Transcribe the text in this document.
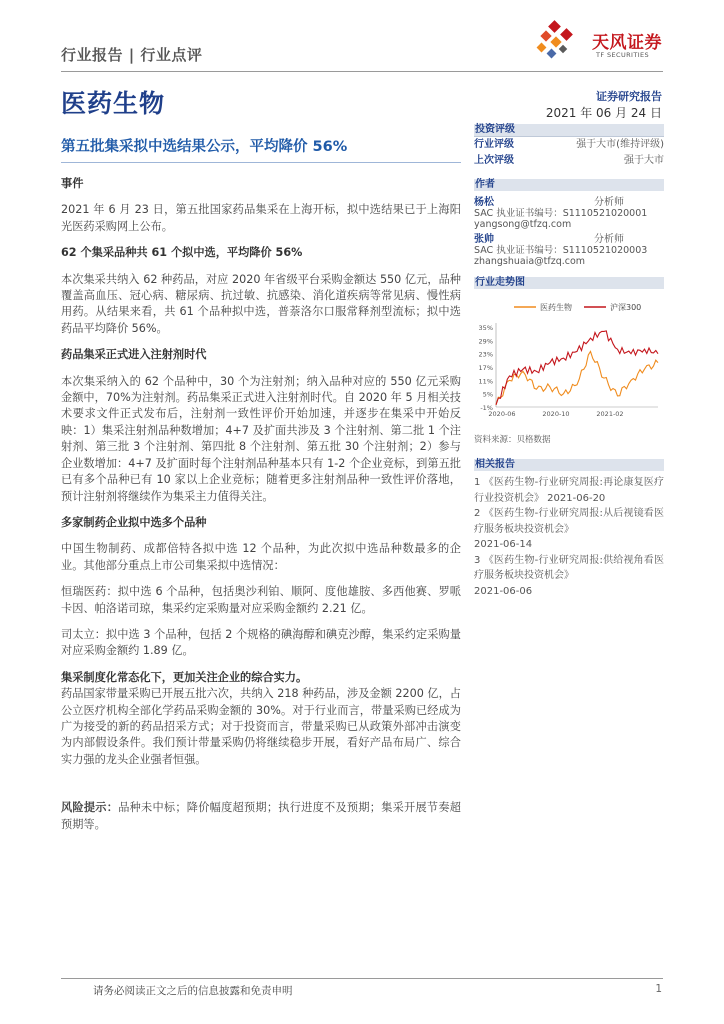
行业报告 | 行业点评
天风证券
TF SECURITIES
医药生物	证券研究报告
2021 年 06 月 24 日
第五批集采拟中选结果公示，平均降价 56%
事件

2021 年 6 月 23 日，第五批国家药品集采在上海开标，拟中选结果已于上海阳光医药采购网上公布。

62 个集采品种共 61 个拟中选，平均降价 56%

本次集采共纳入 62 种药品，对应 2020 年省级平台采购金额达 550 亿元，品种覆盖高血压、冠心病、糖尿病、抗过敏、抗感染、消化道疾病等常见病、慢性病用药。从结果来看，共 61 个品种拟中选，普萘洛尔口服常释剂型流标；拟中选药品平均降价 56%。

药品集采正式进入注射剂时代

本次集采纳入的 62 个品种中，30 个为注射剂；纳入品种对应的 550 亿元采购金额中，70%为注射剂。药品集采正式进入注射剂时代。自 2020 年 5 月相关技术要求文件正式发布后，注射剂一致性评价开始加速，并逐步在集采中开始反映：1）集采注射剂品种数增加；4+7 及扩面共涉及 3 个注射剂、第二批 1 个注射剂、第三批 3 个注射剂、第四批 8 个注射剂、第五批 30 个注射剂；2）参与企业数增加：4+7 及扩面时每个注射剂品种基本只有 1-2 个企业竞标，到第五批已有多个品种已有 10 家以上企业竞标；随着更多注射剂品种一致性评价落地，预计注射剂将继续作为集采主力值得关注。

多家制药企业拟中选多个品种

中国生物制药、成都倍特各拟中选 12 个品种，为此次拟中选品种数最多的企业。其他部分重点上市公司集采拟中选情况：

恒瑞医药：拟中选 6 个品种，包括奥沙利铂、顺阿、度他雄胺、多西他赛、罗哌卡因、帕洛诺司琼，集采约定采购量对应采购金额约 2.21 亿。

司太立：拟中选 3 个品种，包括 2 个规格的碘海醇和碘克沙醇，集采约定采购量对应采购金额约 1.89 亿。

集采制度化常态化下，更加关注企业的综合实力。

药品国家带量采购已开展五批六次，共纳入 218 种药品，涉及金额 2200 亿，占公立医疗机构全部化学药品采购金额的 30%。对于行业而言，带量采购已经成为广为接受的新的药品招采方式；对于投资而言，带量采购已从政策外部冲击演变为内部假设条件。我们预计带量采购仍将继续稳步开展，看好产品布局广、综合实力强的龙头企业强者恒强。

风险提示：品种未中标；降价幅度超预期；执行进度不及预期；集采开展节奏超预期等。

投资评级
行业评级	强于大市(维持评级)
上次评级	强于大市
作者
杨松	分析师
SAC 执业证书编号：S1110521020001
yangsong@tfzq.com
张帅	分析师
SAC 执业证书编号：S1110521020003
zhangshuaia@tfzq.com
行业走势图
医药生物	沪深300
35%
29%
23%
17%
11%
5%
-1%
2020-06	2020-10	2021-02
资料来源：贝格数据
相关报告
1 《医药生物-行业研究周报:再论康复医疗行业投资机会》 2021-06-20
2 《医药生物-行业研究周报:从后视镜看医疗服务板块投资机会》
2021-06-14
3 《医药生物-行业研究周报:供给视角看医疗服务板块投资机会》
2021-06-06
请务必阅读正文之后的信息披露和免责申明	1
